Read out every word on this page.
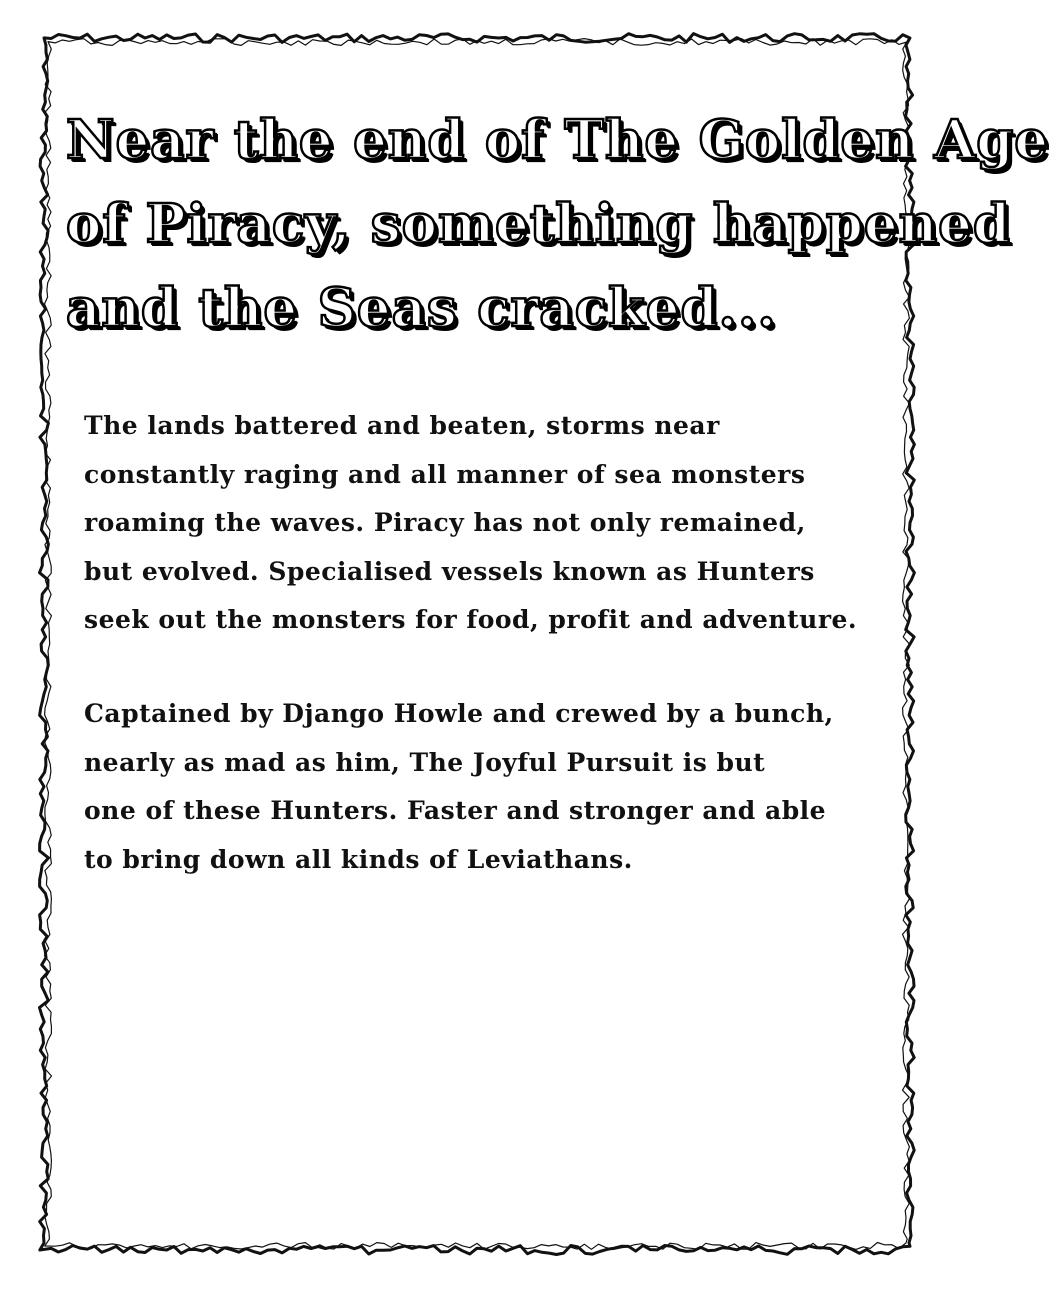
Near the end of The Golden Age
of Piracy, something happened
and the Seas cracked...

The lands battered and beaten, storms near
constantly raging and all manner of sea monsters
roaming the waves. Piracy has not only remained,
but evolved. Specialised vessels known as Hunters
seek out the monsters for food, profit and adventure.

Captained by Django Howle and crewed by a bunch,
nearly as mad as him, The Joyful Pursuit is but
one of these Hunters. Faster and stronger and able
to bring down all kinds of Leviathans.
